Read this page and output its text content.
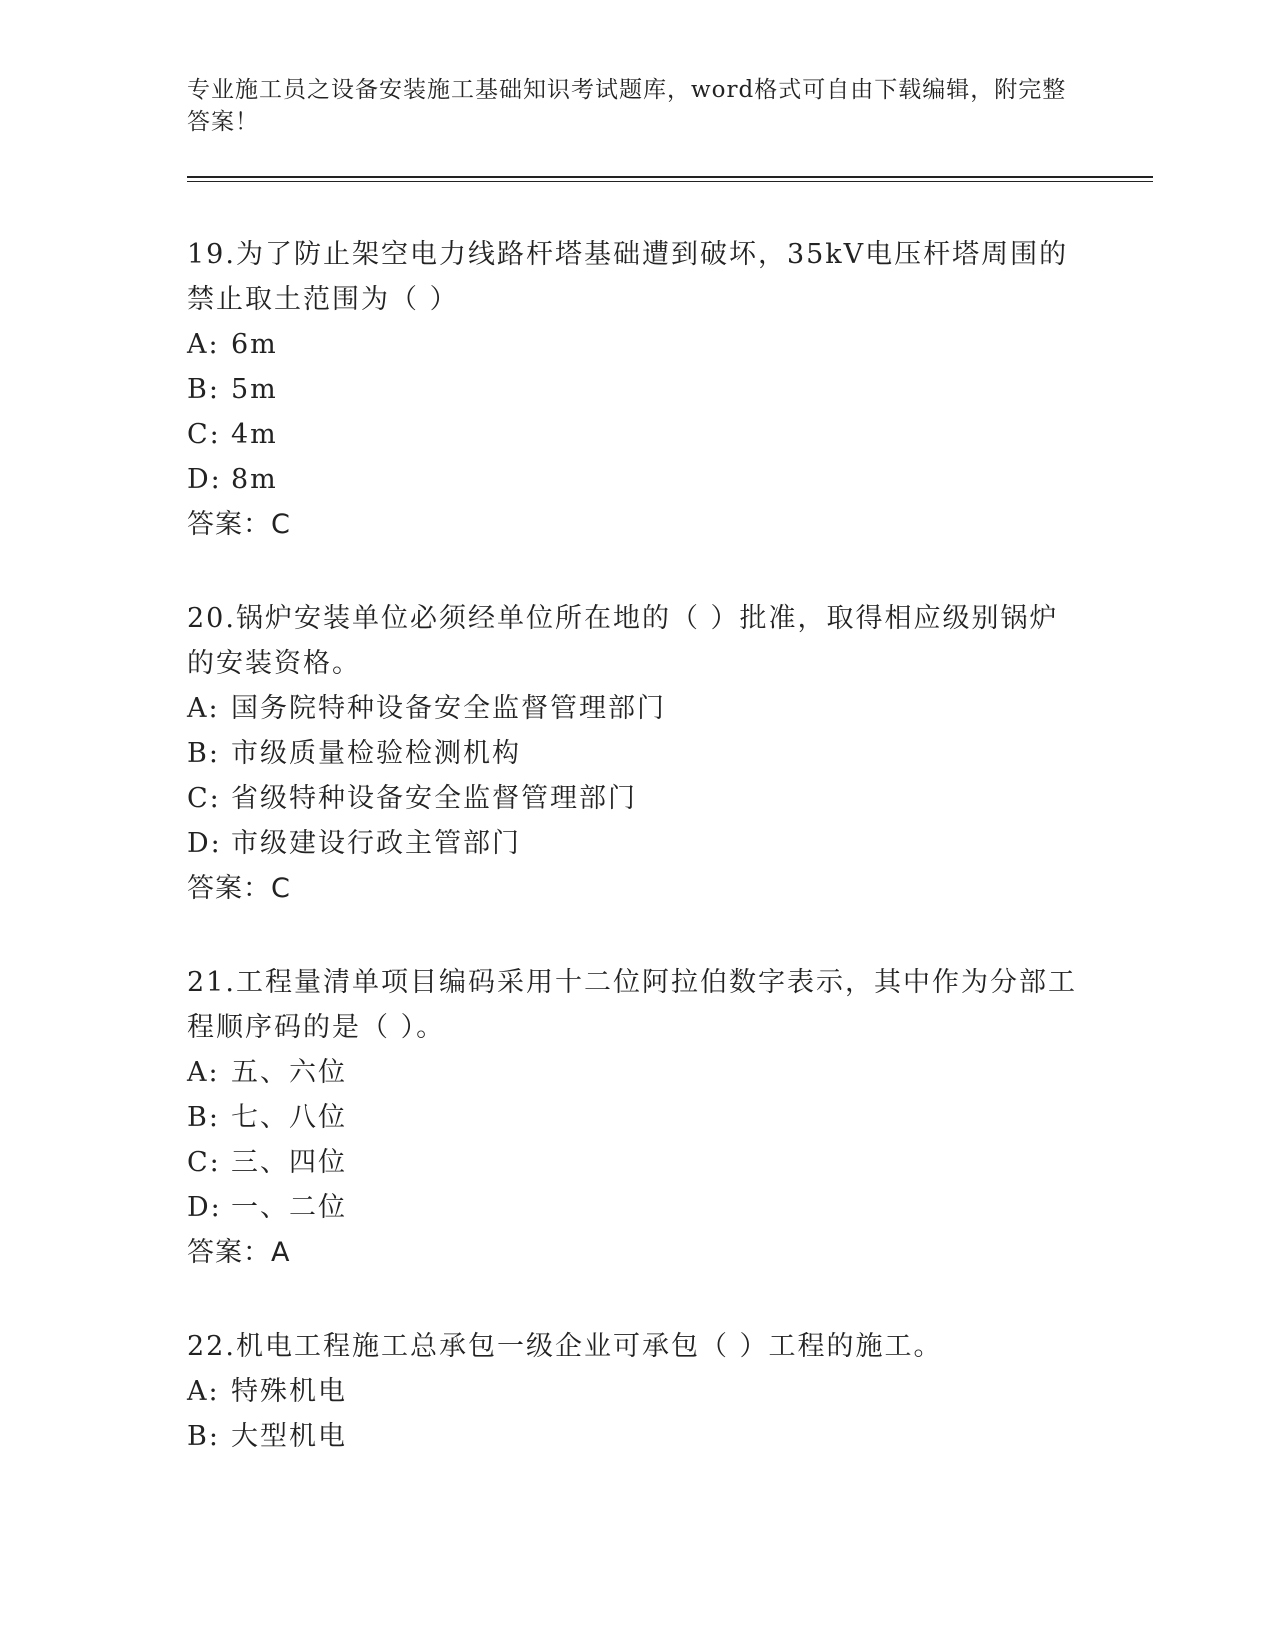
专业施工员之设备安装施工基础知识考试题库，word格式可自由下载编辑，附完整答案！

19.为了防止架空电力线路杆塔基础遭到破坏，35kV电压杆塔周围的禁止取土范围为（ ）

A: 6m

B: 5m

C: 4m

D: 8m

答案：C

20.锅炉安装单位必须经单位所在地的（ ）批准，取得相应级别锅炉的安装资格。

A: 国务院特种设备安全监督管理部门

B: 市级质量检验检测机构

C: 省级特种设备安全监督管理部门

D: 市级建设行政主管部门

答案：C

21.工程量清单项目编码采用十二位阿拉伯数字表示，其中作为分部工程顺序码的是（ ）。

A: 五、六位

B: 七、八位

C: 三、四位

D: 一、二位

答案：A

22.机电工程施工总承包一级企业可承包（ ）工程的施工。

A: 特殊机电

B: 大型机电
